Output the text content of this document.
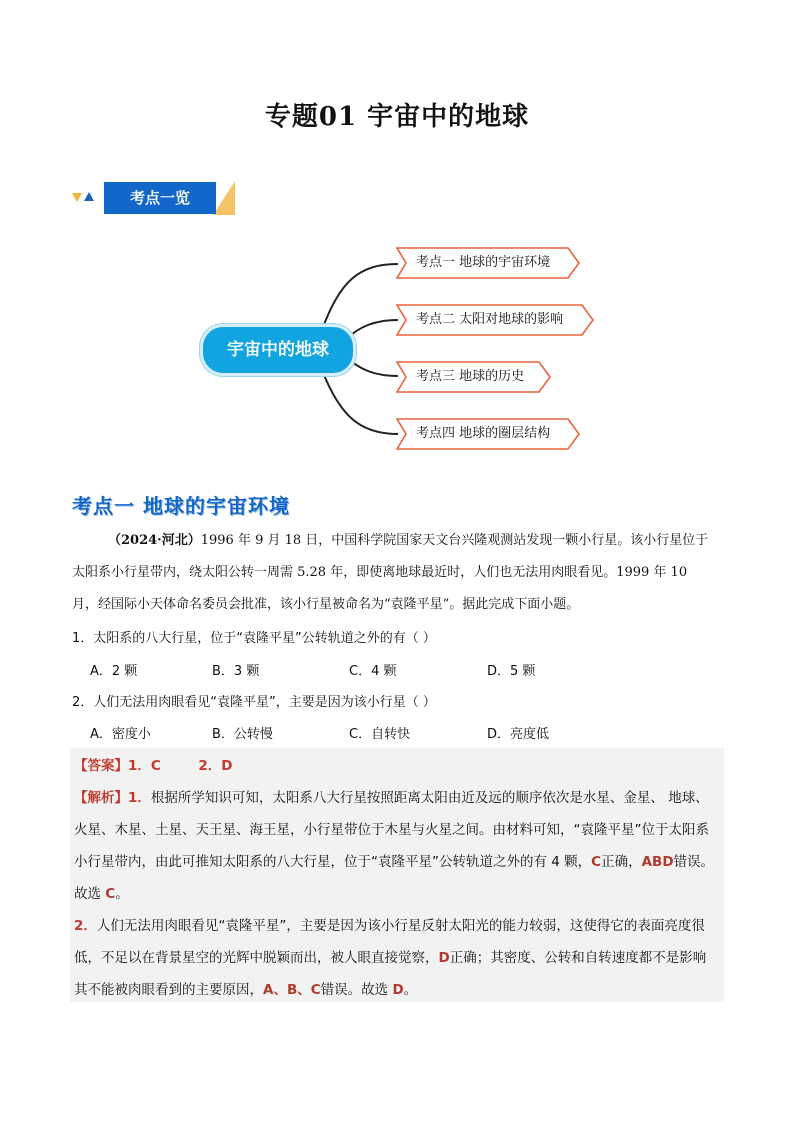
专题01 宇宙中的地球
考点一览
宇宙中的地球
考点一 地球的宇宙环境
考点二 太阳对地球的影响
考点三 地球的历史
考点四 地球的圈层结构
考点一 地球的宇宙环境
（2024·河北）1996 年 9 月 18 日，中国科学院国家天文台兴隆观测站发现一颗小行星。该小行星位于
太阳系小行星带内，绕太阳公转一周需 5.28 年，即使离地球最近时，人们也无法用肉眼看见。1999 年 10
月，经国际小天体命名委员会批准，该小行星被命名为“袁隆平星”。据此完成下面小题。
1．太阳系的八大行星，位于“袁隆平星”公转轨道之外的有（ ）
A．2 颗	B．3 颗	C．4 颗	D．5 颗
2．人们无法用肉眼看见“袁隆平星”，主要是因为该小行星（ ）
A．密度小	B．公转慢	C．自转快	D．亮度低
【答案】1．C        2．D
【解析】1．根据所学知识可知，太阳系八大行星按照距离太阳由近及远的顺序依次是水星、金星、 地球、
火星、木星、土星、天王星、海王星，小行星带位于木星与火星之间。由材料可知，“袁隆平星”位于太阳系
小行星带内，由此可推知太阳系的八大行星，位于“袁隆平星”公转轨道之外的有 4 颗，C正确，ABD错误。
故选 C。
2．人们无法用肉眼看见“袁隆平星”，主要是因为该小行星反射太阳光的能力较弱，这使得它的表面亮度很
低，不足以在背景星空的光辉中脱颖而出，被人眼直接觉察，D正确；其密度、公转和自转速度都不是影响
其不能被肉眼看到的主要原因，A、B、C错误。故选 D。
